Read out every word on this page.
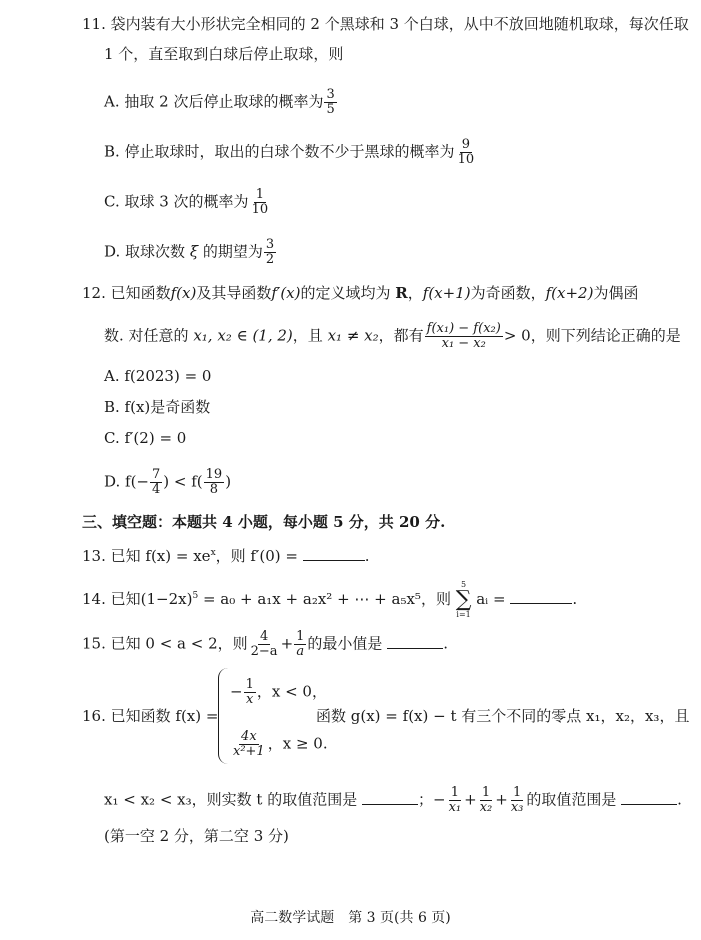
11. 袋内装有大小形状完全相同的 2 个黑球和 3 个白球，从中不放回地随机取球，每次任取
1 个，直至取到白球后停止取球，则
A. 抽取 2 次后停止取球的概率为 $\frac{3}{5}$
B. 停止取球时，取出的白球个数不少于黑球的概率为 $\frac{9}{10}$
C. 取球 3 次的概率为 $\frac{1}{10}$
D. 取球次数 ξ 的期望为 $\frac{3}{2}$
12. 已知函数f(x)及其导函数f′(x)的定义域均为 R，f(x+1)为奇函数，f(x+2)为偶函
数. 对任意的 x₁, x₂ ∈ (1, 2)，且 x₁ ≠ x₂，都有 $\frac{\text{f(x₁) − f(x₂)}}{\text{x₁ − x₂}} > 0$，则下列结论正确的是
A. f(2023) = 0
B. f(x)是奇函数
C. f′(2) = 0
D. $f(- \frac{7}{4}$ ) < $f( \frac{19}{8}$ )
三、填空题：本题共 4 小题，每小题 5 分，共 20 分.
13. 已知 $f(x) = xe^x$，则 f′(0) =	.
14. 已知$(1-2x)^5 = a_0 + a_1x + a_2x^2$ + ⋯ + a₅x⁵，则
5
∑
i=1
aᵢ =	.
15. 已知 0 < a < 2，则 $\frac{4}{2-a} + \frac{1}{a}$ 的最小值是	.
16. 已知函数 f(x) =
− $\frac{1}{x}$ ，x < 0，
$\frac{4x}{\text{x²+1}}$ ，x ≥ 0.
函数 g(x) = f(x) − t 有三个不同的零点 x₁，x₂，x₃，且
x₁ < x₂ < x₃，则实数 t 的取值范围是	；− $\frac{1}{\text{x₁}} + \frac{1}{\text{x₂}} + \frac{1}{\text{x₃}}$ 的取值范围是	.
(第一空 2 分，第二空 3 分)
高二数学试题　第 3 页(共 6 页)
